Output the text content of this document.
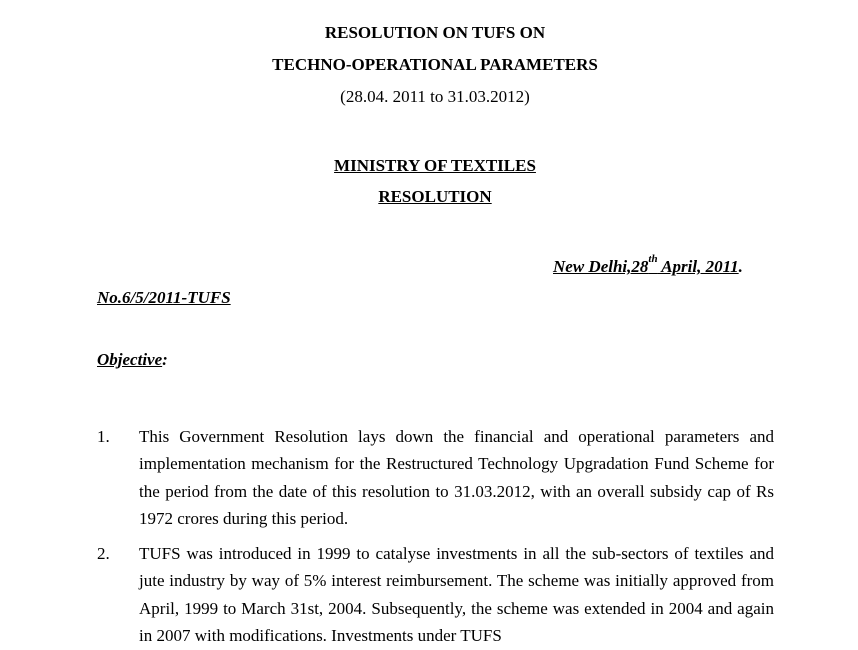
RESOLUTION ON TUFS ON
TECHNO-OPERATIONAL PARAMETERS
(28.04. 2011 to 31.03.2012)
MINISTRY OF TEXTILES
RESOLUTION
New Delhi,28th April, 2011.
No.6/5/2011-TUFS
Objective:
1. This Government Resolution lays down the financial and operational parameters and implementation mechanism for the Restructured Technology Upgradation Fund Scheme for the period from the date of this resolution to 31.03.2012, with an overall subsidy cap of Rs 1972 crores during this period.
2. TUFS was introduced in 1999 to catalyse investments in all the sub-sectors of textiles and jute industry by way of 5% interest reimbursement. The scheme was initially approved from April, 1999 to March 31st, 2004. Subsequently, the scheme was extended in 2004 and again in 2007 with modifications. Investments under TUFS
